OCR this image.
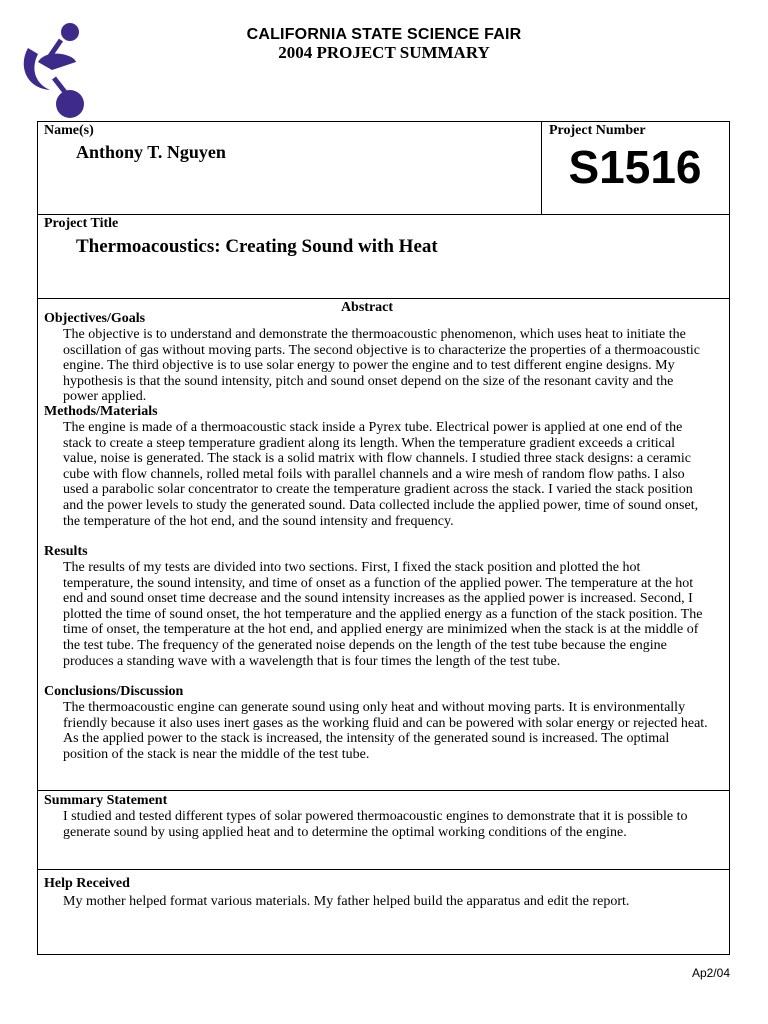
CALIFORNIA STATE SCIENCE FAIR
2004 PROJECT SUMMARY
Name(s)
Anthony T. Nguyen
Project Number
S1516
Project Title
Thermoacoustics: Creating Sound with Heat
Abstract
Objectives/Goals
The objective is to understand and demonstrate the thermoacoustic phenomenon, which uses heat to initiate the oscillation of gas without moving parts. The second objective is to characterize the properties of a thermoacoustic engine. The third objective is to use solar energy to power the engine and to test different engine designs. My hypothesis is that the sound intensity, pitch and sound onset depend on the size of the resonant cavity and the power applied.
Methods/Materials
The engine is made of a thermoacoustic stack inside a Pyrex tube. Electrical power is applied at one end of the stack to create a steep temperature gradient along its length. When the temperature gradient exceeds a critical value, noise is generated. The stack is a solid matrix with flow channels. I studied three stack designs: a ceramic cube with flow channels, rolled metal foils with parallel channels and a wire mesh of random flow paths. I also used a parabolic solar concentrator to create the temperature gradient across the stack. I varied the stack position and the power levels to study the generated sound. Data collected include the applied power, time of sound onset, the temperature of the hot end, and the sound intensity and frequency.
Results
The results of my tests are divided into two sections. First, I fixed the stack position and plotted the hot temperature, the sound intensity, and time of onset as a function of the applied power. The temperature at the hot end and sound onset time decrease and the sound intensity increases as the applied power is increased. Second, I plotted the time of sound onset, the hot temperature and the applied energy as a function of the stack position. The time of onset, the temperature at the hot end, and applied energy are minimized when the stack is at the middle of the test tube. The frequency of the generated noise depends on the length of the test tube because the engine produces a standing wave with a wavelength that is four times the length of the test tube.
Conclusions/Discussion
The thermoacoustic engine can generate sound using only heat and without moving parts. It is environmentally friendly because it also uses inert gases as the working fluid and can be powered with solar energy or rejected heat. As the applied power to the stack is increased, the intensity of the generated sound is increased. The optimal position of the stack is near the middle of the test tube.
Summary Statement
I studied and tested different types of solar powered thermoacoustic engines to demonstrate that it is possible to generate sound by using applied heat and to determine the optimal working conditions of the engine.
Help Received
My mother helped format various materials. My father helped build the apparatus and edit the report.
Ap2/04
